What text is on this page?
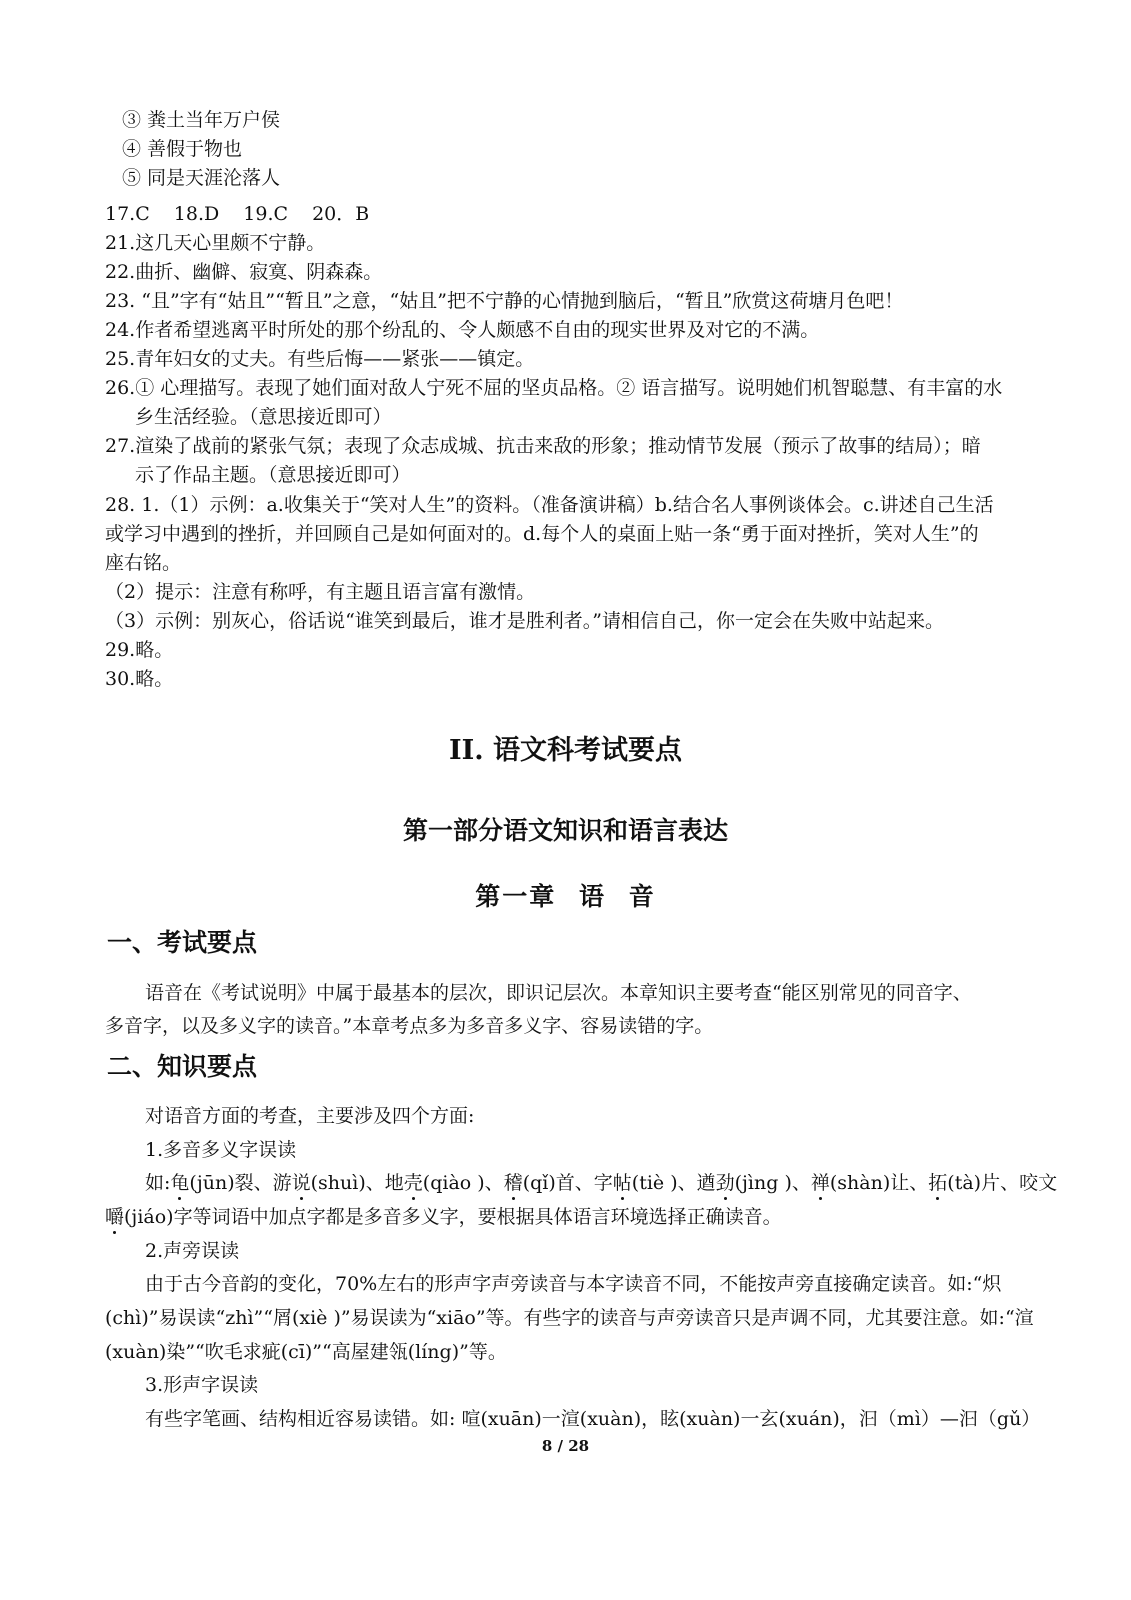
③ 粪土当年万户侯
④ 善假于物也
⑤ 同是天涯沦落人
17.C 18.D 19.C 20．B
21.这几天心里颇不宁静。
22.曲折、幽僻、寂寞、阴森森。
23. “且”字有“姑且”“暂且”之意，“姑且”把不宁静的心情抛到脑后，“暂且”欣赏这荷塘月色吧！
24.作者希望逃离平时所处的那个纷乱的、令人颇感不自由的现实世界及对它的不满。
25.青年妇女的丈夫。有些后悔——紧张——镇定。
26.① 心理描写。表现了她们面对敌人宁死不屈的坚贞品格。② 语言描写。说明她们机智聪慧、有丰富的水
乡生活经验。（意思接近即可）
27.渲染了战前的紧张气氛；表现了众志成城、抗击来敌的形象；推动情节发展（预示了故事的结局）；暗
示了作品主题。（意思接近即可）
28. 1.（1）示例：a.收集关于“笑对人生”的资料。（准备演讲稿）b.结合名人事例谈体会。c.讲述自己生活
或学习中遇到的挫折，并回顾自己是如何面对的。d.每个人的桌面上贴一条“勇于面对挫折，笑对人生”的
座右铭。
（2）提示：注意有称呼，有主题且语言富有激情。
（3）示例：别灰心，俗话说“谁笑到最后，谁才是胜利者。”请相信自己，你一定会在失败中站起来。
29.略。
30.略。
II. 语文科考试要点
第一部分语文知识和语言表达
第一章 语 音
一、考试要点
语音在《考试说明》中属于最基本的层次，即识记层次。本章知识主要考查“能区别常见的同音字、
多音字，以及多义字的读音。”本章考点多为多音多义字、容易读错的字。
二、知识要点
对语音方面的考查，主要涉及四个方面:
1.多音多义字误读
如:龟(jūn)裂、游说(shuì)、地壳(qiào )、稽(qǐ)首、字帖(tiè )、遒劲(jìng )、禅(shàn)让、拓(tà)片、咬文
嚼(jiáo)字等词语中加点字都是多音多义字，要根据具体语言环境选择正确读音。
2.声旁误读
由于古今音韵的变化，70%左右的形声字声旁读音与本字读音不同，不能按声旁直接确定读音。如:“炽
(chì)”易误读“zhì”“屑(xiè )”易误读为“xiāo”等。有些字的读音与声旁读音只是声调不同，尤其要注意。如:“渲
(xuàn)染”“吹毛求疵(cī)”“高屋建瓴(líng)”等。
3.形声字误读
有些字笔画、结构相近容易读错。如: 喧(xuān)一渲(xuàn)，眩(xuàn)一玄(xuán)，汩（mì）—汩（gǔ）
8 / 28
